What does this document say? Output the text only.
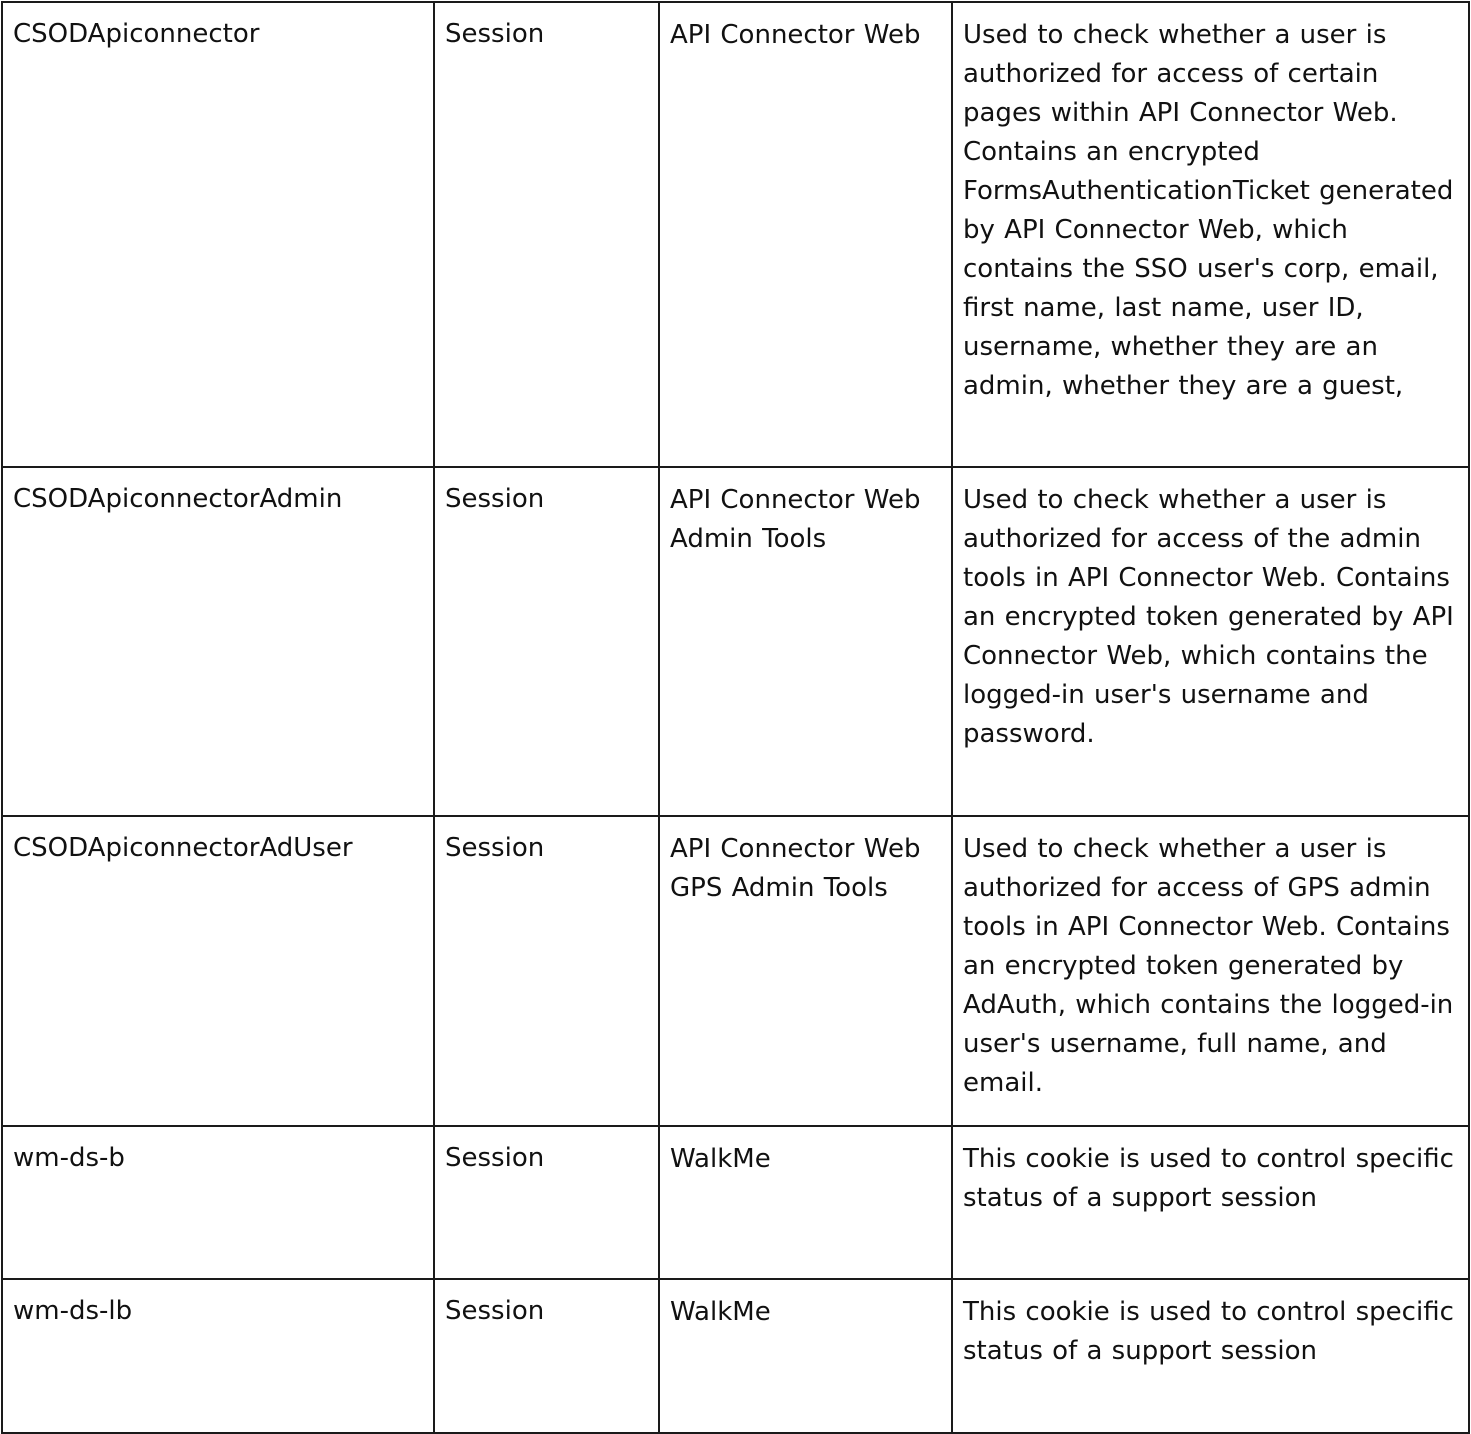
CSODApiconnector	Session	API Connector Web	Used to check whether a user is authorized for access of certain pages within API Connector Web. Contains an encrypted FormsAuthenticationTicket generated by API Connector Web, which contains the SSO user's corp, email, first name, last name, user ID, username, whether they are an admin, whether they are a guest,

CSODApiconnectorAdmin	Session	API Connector Web Admin Tools	Used to check whether a user is authorized for access of the admin tools in API Connector Web. Contains an encrypted token generated by API Connector Web, which contains the logged-in user's username and password.

CSODApiconnectorAdUser	Session	API Connector Web GPS Admin Tools	Used to check whether a user is authorized for access of GPS admin tools in API Connector Web. Contains an encrypted token generated by AdAuth, which contains the logged-in user's username, full name, and email.

wm-ds-b	Session	WalkMe	This cookie is used to control specific status of a support session

wm-ds-lb	Session	WalkMe	This cookie is used to control specific status of a support session
